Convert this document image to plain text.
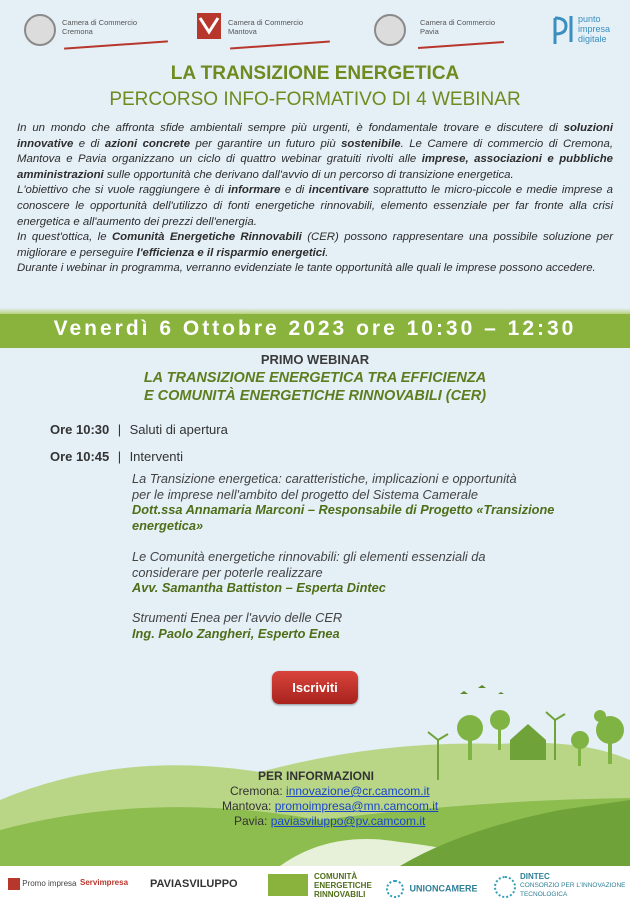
Camera di Commercio
Cremona
Camera di Commercio
Mantova
Camera di Commercio
Pavia
punto
impresa
digitale
LA TRANSIZIONE ENERGETICA
PERCORSO INFO-FORMATIVO DI 4 WEBINAR

In un mondo che affronta sfide ambientali sempre più urgenti, è fondamentale trovare e discutere di soluzioni innovative e di azioni concrete per garantire un futuro più sostenibile. Le Camere di commercio di Cremona, Mantova e Pavia organizzano un ciclo di quattro webinar gratuiti rivolti alle imprese, associazioni e pubbliche amministrazioni sulle opportunità che derivano dall'avvio di un percorso di transizione energetica.

L'obiettivo che si vuole raggiungere è di informare e di incentivare soprattutto le micro-piccole e medie imprese a conoscere le opportunità dell'utilizzo di fonti energetiche rinnovabili, elemento essenziale per far fronte alla crisi energetica e all'aumento dei prezzi dell'energia.

In quest'ottica, le Comunità Energetiche Rinnovabili (CER) possono rappresentare una possibile soluzione per migliorare e perseguire l'efficienza e il risparmio energetici.

Durante i webinar in programma, verranno evidenziate le tante opportunità alle quali le imprese possono accedere.

Venerdì 6 Ottobre 2023 ore 10:30 – 12:30
PRIMO WEBINAR
LA TRANSIZIONE ENERGETICA TRA EFFICIENZA
E COMUNITÀ ENERGETICHE RINNOVABILI (CER)
Ore 10:30 | Saluti di apertura
Ore 10:45 | Interventi
La Transizione energetica: caratteristiche, implicazioni e opportunità
per le imprese nell'ambito del progetto del Sistema Camerale
Dott.ssa Annamaria Marconi – Responsabile di Progetto «Transizione
energetica»
Le Comunità energetiche rinnovabili: gli elementi essenziali da
considerare per poterle realizzare
Avv. Samantha Battiston – Esperta Dintec
Strumenti Enea per l'avvio delle CER
Ing. Paolo Zangheri, Esperto Enea
Iscriviti
PER INFORMAZIONI
Cremona: innovazione@cr.camcom.it
Mantova: promoimpresa@mn.camcom.it
Pavia: paviasviluppo@pv.camcom.it
Promo impresa Servimpresa PAVIASVILUPPO
COMUNITÀ
ENERGETICHE
RINNOVABILI
UNIONCAMERE
DINTEC
CONSORZIO PER L'INNOVAZIONE
TECNOLOGICA
